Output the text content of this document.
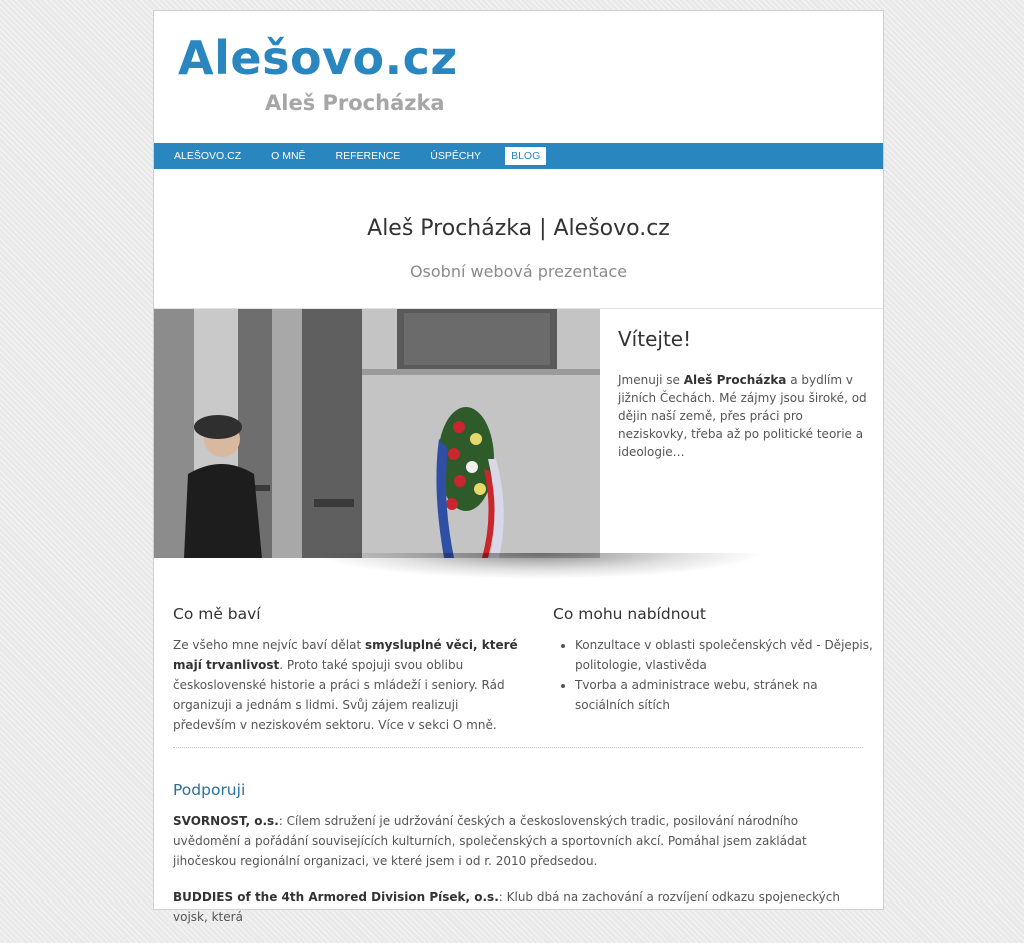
Alešovo.cz
Aleš Procházka
ALEŠOVO.CZ	O MNĚ	REFERENCE	ÚSPĚCHY	BLOG
Aleš Procházka | Alešovo.cz
Osobní webová prezentace
Vítejte!

Jmenuji se Aleš Procházka a bydlím v jižních Čechách. Mé zájmy jsou široké, od dějin naší země, přes práci pro neziskovky, třeba až po politické teorie a ideologie…

Co mě baví

Ze všeho mne nejvíc baví dělat smysluplné věci, které mají trvanlivost. Proto také spojuji svou oblibu československé historie a práci s mládeží i seniory. Rád organizuji a jednám s lidmi. Svůj zájem realizuji především v neziskovém sektoru. Více v sekci O mně.

Co mohu nabídnout
• Konzultace v oblasti společenských věd - Dějepis, politologie, vlastivěda
• Tvorba a administrace webu, stránek na sociálních sítích
Podporuji

SVORNOST, o.s.: Cílem sdružení je udržování českých a československých tradic, posilování národního uvědomění a pořádání souvisejících kulturních, společenských a sportovních akcí. Pomáhal jsem zakládat jihočeskou regionální organizaci, ve které jsem i od r. 2010 předsedou.

BUDDIES of the 4th Armored Division Písek, o.s.: Klub dbá na zachování a rozvíjení odkazu spojeneckých vojsk, která
